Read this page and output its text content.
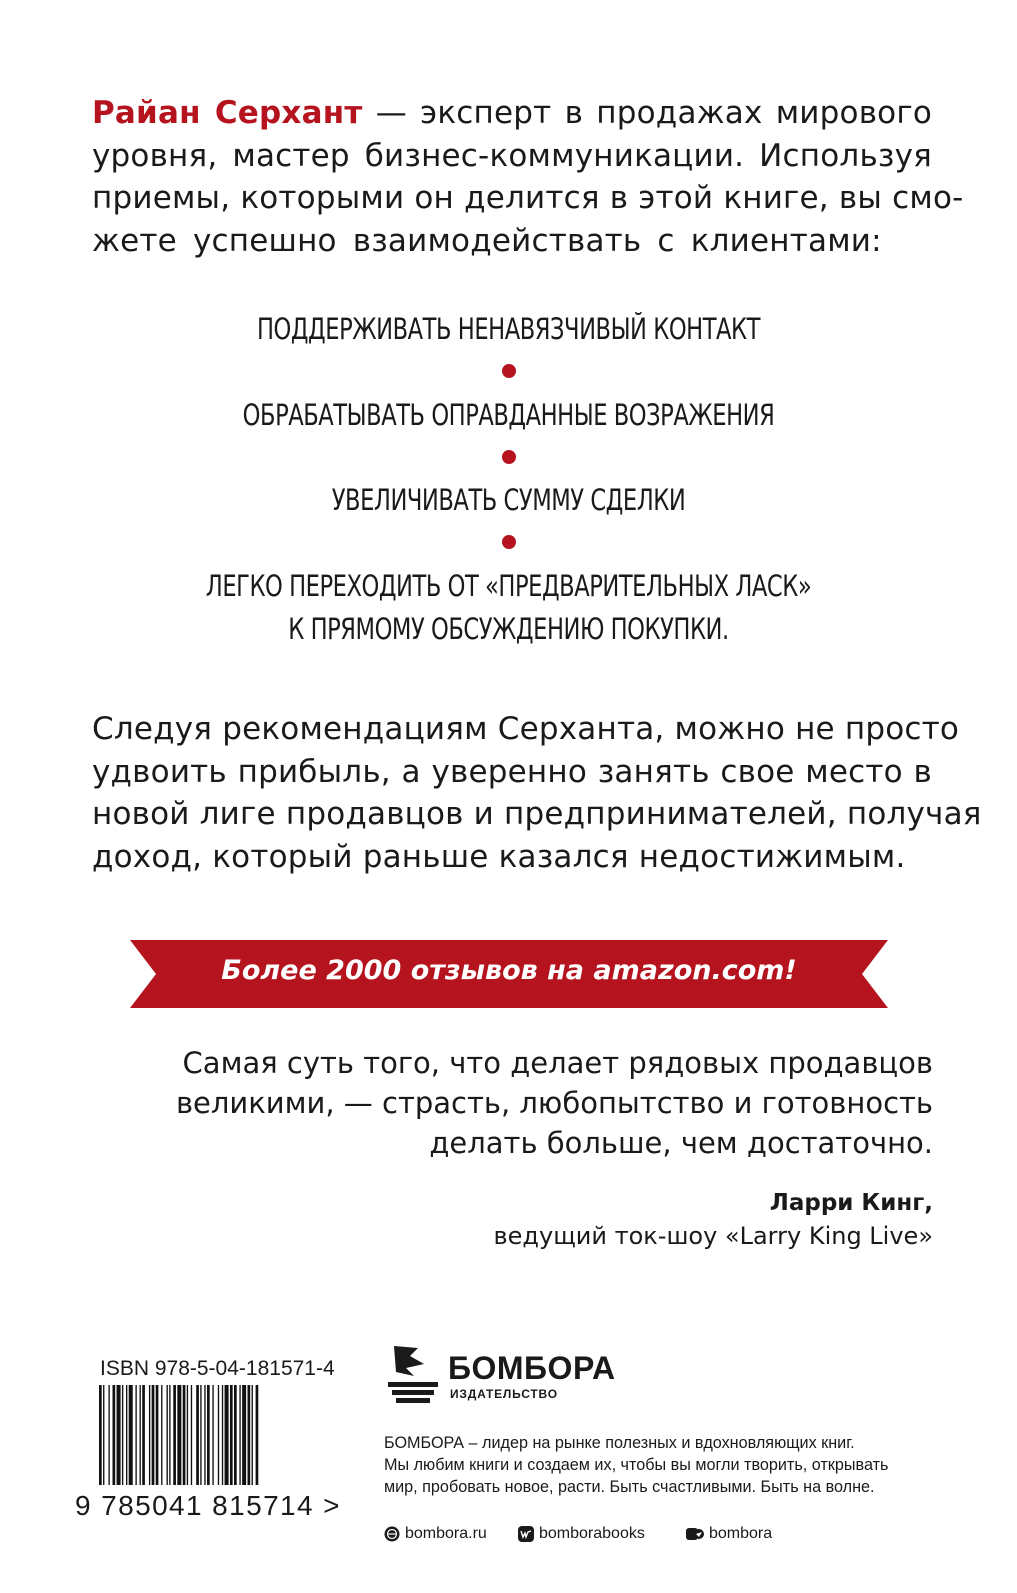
Райан Серхант — эксперт в продажах мирового
уровня, мастер бизнес-коммуникации. Используя
приемы, которыми он делится в этой книге, вы смо-
жете успешно взаимодействать с клиентами:
ПОДДЕРЖИВАТЬ НЕНАВЯЗЧИВЫЙ КОНТАКТ
ОБРАБАТЫВАТЬ ОПРАВДАННЫЕ ВОЗРАЖЕНИЯ
УВЕЛИЧИВАТЬ СУММУ СДЕЛКИ
ЛЕГКО ПЕРЕХОДИТЬ ОТ «ПРЕДВАРИТЕЛЬНЫХ ЛАСК»
К ПРЯМОМУ ОБСУЖДЕНИЮ ПОКУПКИ.
Следуя рекомендациям Серханта, можно не просто
удвоить прибыль, а уверенно занять свое место в
новой лиге продавцов и предпринимателей, получая
доход, который раньше казался недостижимым.
Более 2000 отзывов на amazon.com!
Самая суть того, что делает рядовых продавцов
великими, — страсть, любопытство и готовность
делать больше, чем достаточно.
Ларри Кинг,
ведущий ток-шоу «Larry King Live»
ISBN 978-5-04-181571-4
9 785041 815714 >
БОМБОРА
ИЗДАТЕЛЬСТВО
БОМБОРА – лидер на рынке полезных и вдохновляющих книг.
Мы любим книги и создаем их, чтобы вы могли творить, открывать
мир, пробовать новое, расти. Быть счастливыми. Быть на волне.
bombora.ru	bomborabooks	bombora
